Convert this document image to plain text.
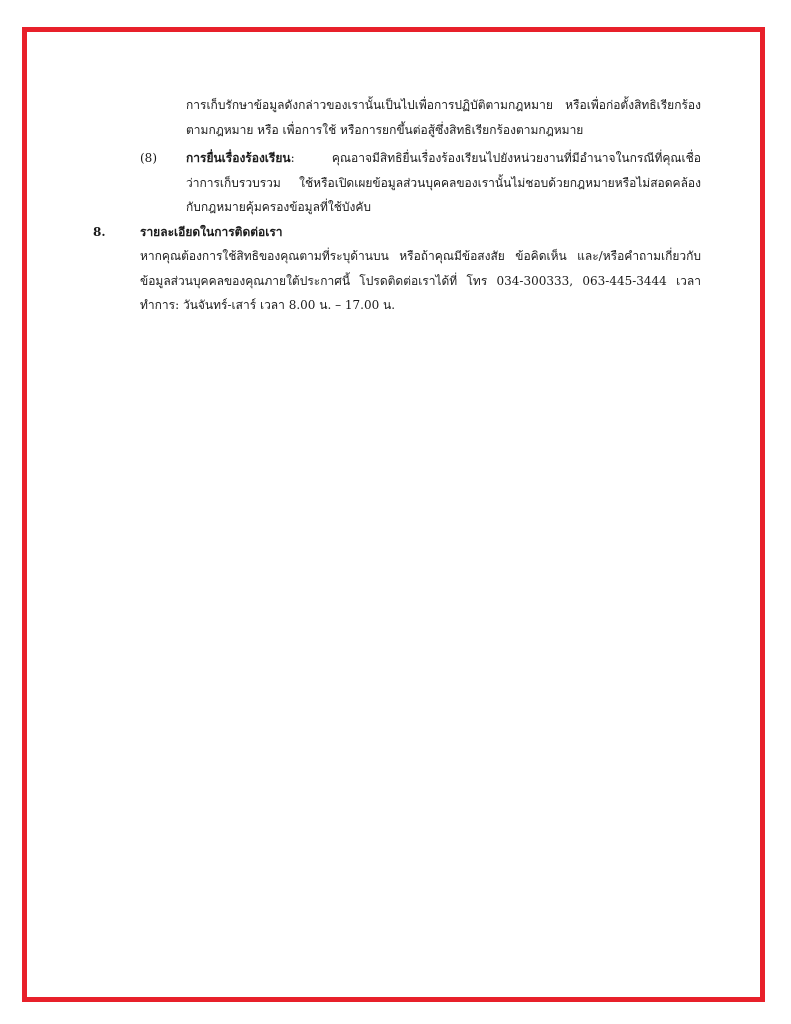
การเก็บรักษาข้อมูลดังกล่าวของเรานั้นเป็นไปเพื่อการปฏิบัติตามกฎหมาย หรือเพื่อก่อตั้งสิทธิเรียกร้องตามกฎหมาย หรือ เพื่อการใช้ หรือการยกขึ้นต่อสู้ซึ่งสิทธิเรียกร้องตามกฎหมาย

(8) การยื่นเรื่องร้องเรียน: คุณอาจมีสิทธิยื่นเรื่องร้องเรียนไปยังหน่วยงานที่มีอำนาจในกรณีที่คุณเชื่อว่าการเก็บรวบรวม ใช้หรือเปิดเผยข้อมูลส่วนบุคคลของเรานั้นไม่ชอบด้วยกฎหมายหรือไม่สอดคล้องกับกฎหมายคุ้มครองข้อมูลที่ใช้บังคับ

8.	รายละเอียดในการติดต่อเรา

หากคุณต้องการใช้สิทธิของคุณตามที่ระบุด้านบน หรือถ้าคุณมีข้อสงสัย ข้อคิดเห็น และ/หรือคำถามเกี่ยวกับข้อมูลส่วนบุคคลของคุณภายใต้ประกาศนี้ โปรดติดต่อเราได้ที่ โทร 034-300333, 063-445-3444 เวลาทำการ: วันจันทร์-เสาร์ เวลา 8.00 น. – 17.00 น.
